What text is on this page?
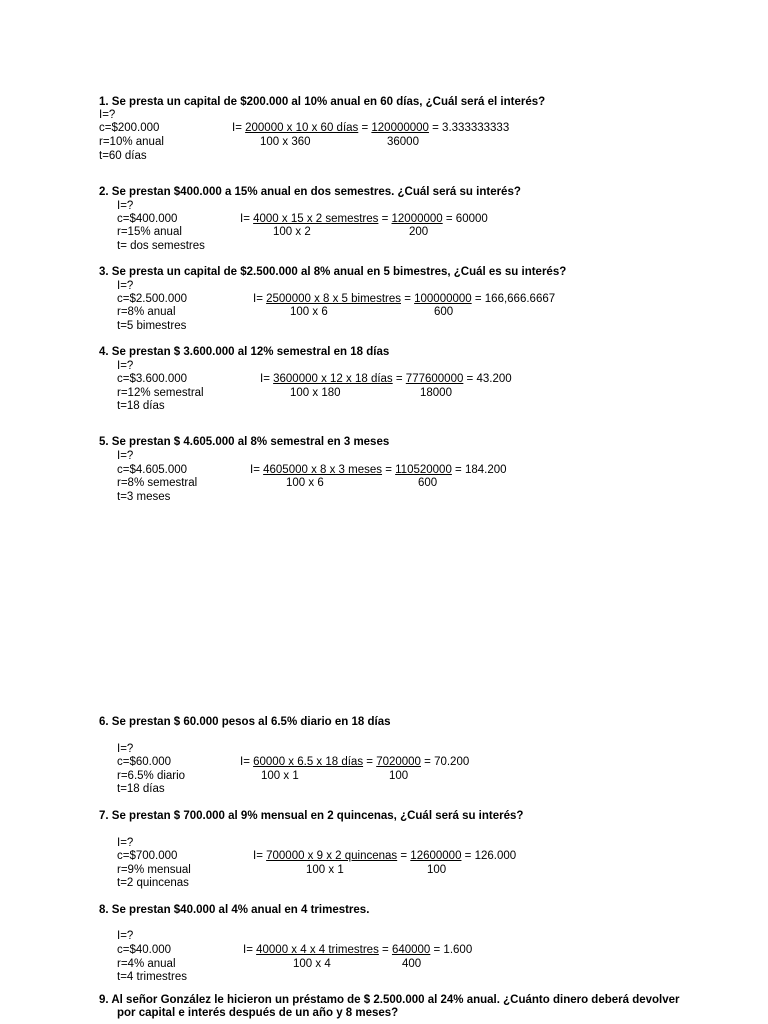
1. Se presta un capital de $200.000 al 10% anual en 60 días, ¿Cuál será el interés?
I=?
c=$200.000
r=10% anual
t=60 días
I= 200000 x 10 x 60 días = 120000000 = 3.333333333
100 x 360	36000
2. Se prestan $400.000 a 15% anual en dos semestres. ¿Cuál será su interés?
I=?
c=$400.000
r=15% anual
t= dos semestres
I= 4000 x 15 x 2 semestres = 12000000 = 60000
100 x 2	200
3. Se presta un capital de $2.500.000 al 8% anual en 5 bimestres, ¿Cuál es su interés?
I=?
c=$2.500.000
r=8% anual
t=5 bimestres
I= 2500000 x 8 x 5 bimestres = 100000000 = 166,666.6667
100 x 6	600
4. Se prestan $ 3.600.000 al 12% semestral en 18 días
I=?
c=$3.600.000
r=12% semestral
t=18 días
I= 3600000 x 12 x 18 días = 777600000 = 43.200
100 x 180	18000
5. Se prestan $ 4.605.000 al 8% semestral en 3 meses
I=?
c=$4.605.000
r=8% semestral
t=3 meses
I= 4605000 x 8 x 3 meses = 110520000 = 184.200
100 x 6	600
6. Se prestan $ 60.000 pesos al 6.5% diario en 18 días
I=?
c=$60.000
r=6.5% diario
t=18 días
I= 60000 x 6.5 x 18 días = 7020000 = 70.200
100 x 1	100
7. Se prestan $ 700.000 al 9% mensual en 2 quincenas, ¿Cuál será su interés?
I=?
c=$700.000
r=9% mensual
t=2 quincenas
I= 700000 x 9 x 2 quincenas = 12600000 = 126.000
100 x 1	100
8. Se prestan $40.000 al 4% anual en 4 trimestres.
I=?
c=$40.000
r=4% anual
t=4 trimestres
I= 40000 x 4 x 4 trimestres = 640000 = 1.600
100 x 4	400
9. Al señor González le hicieron un préstamo de $ 2.500.000 al 24% anual. ¿Cuánto dinero deberá devolver
por capital e interés después de un año y 8 meses?
